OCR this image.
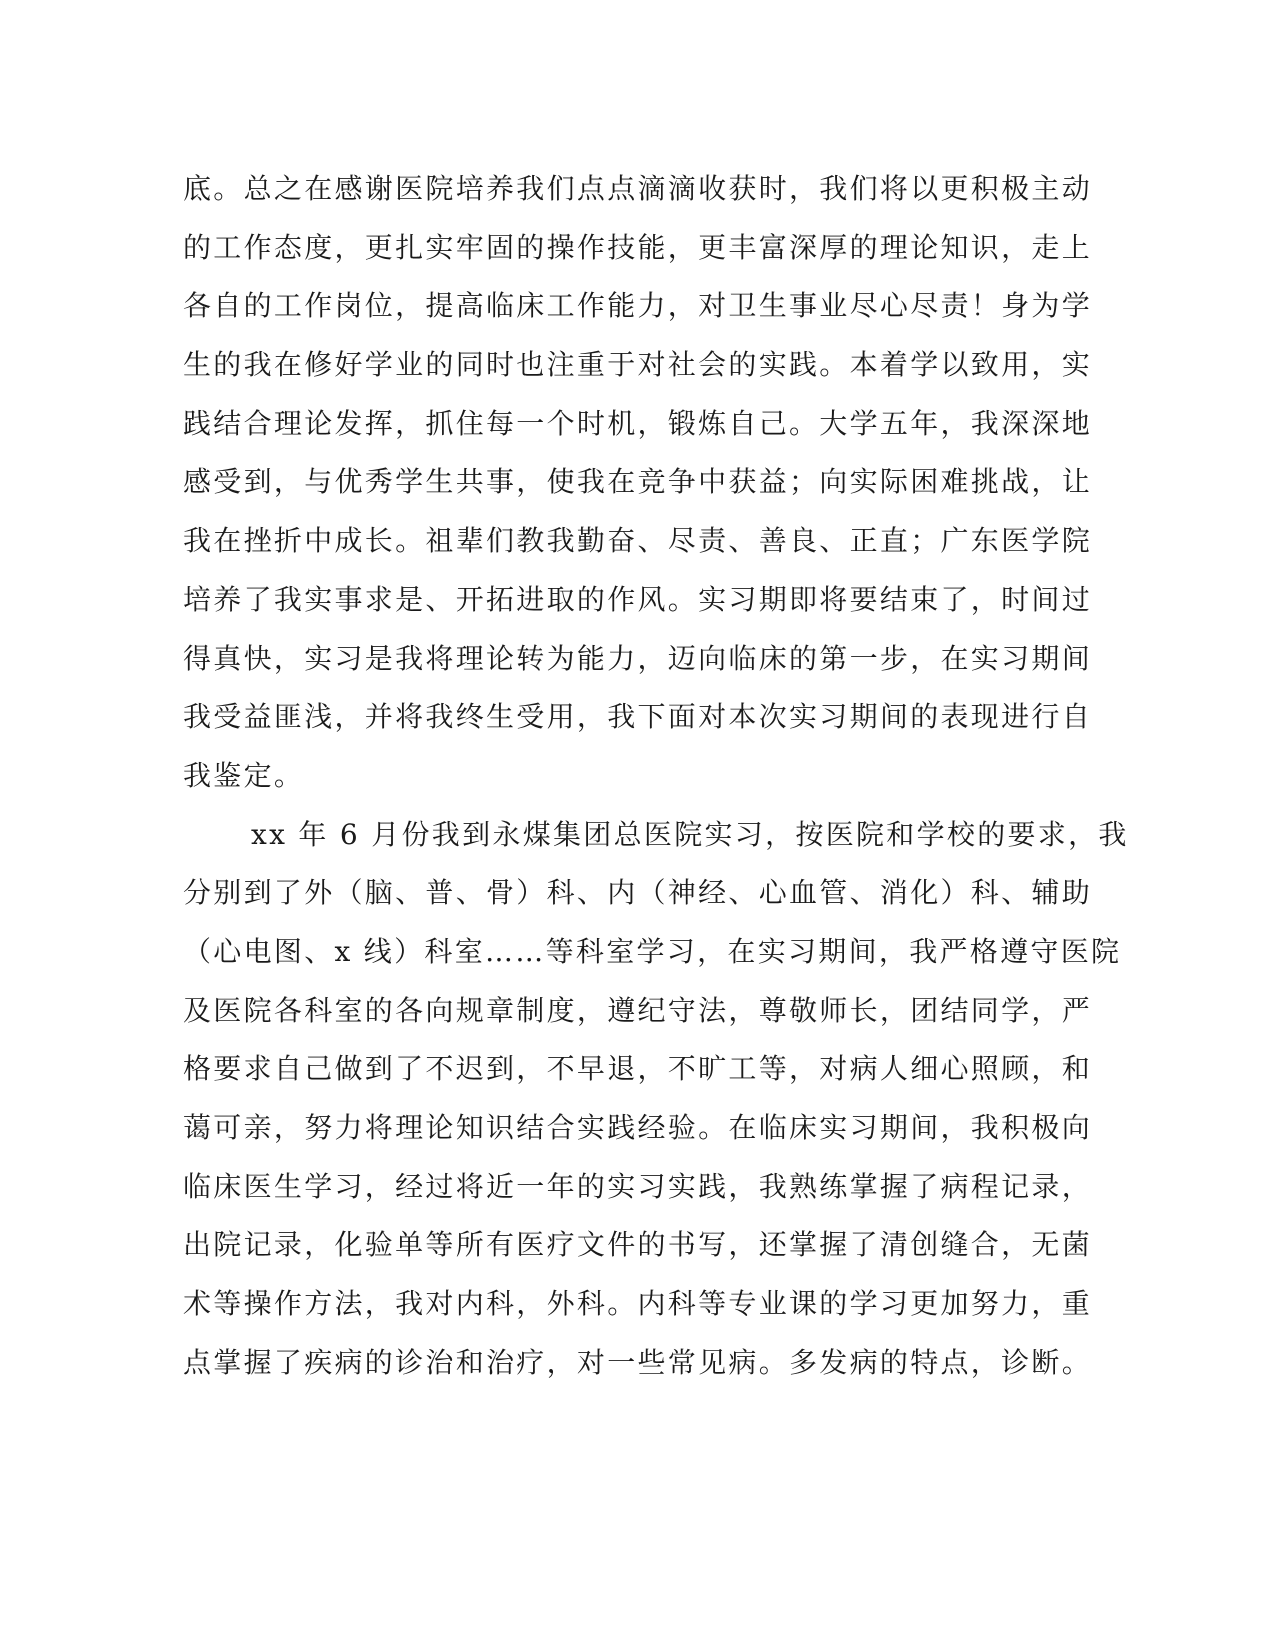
底。总之在感谢医院培养我们点点滴滴收获时，我们将以更积极主动
的工作态度，更扎实牢固的操作技能，更丰富深厚的理论知识，走上
各自的工作岗位，提高临床工作能力，对卫生事业尽心尽责！身为学
生的我在修好学业的同时也注重于对社会的实践。本着学以致用，实
践结合理论发挥，抓住每一个时机，锻炼自己。大学五年，我深深地
感受到，与优秀学生共事，使我在竞争中获益；向实际困难挑战，让
我在挫折中成长。祖辈们教我勤奋、尽责、善良、正直；广东医学院
培养了我实事求是、开拓进取的作风。实习期即将要结束了，时间过
得真快，实习是我将理论转为能力，迈向临床的第一步，在实习期间
我受益匪浅，并将我终生受用，我下面对本次实习期间的表现进行自
我鉴定。
xx 年 6 月份我到永煤集团总医院实习，按医院和学校的要求，我
分别到了外（脑、普、骨）科、内（神经、心血管、消化）科、辅助
（心电图、x 线）科室……等科室学习，在实习期间，我严格遵守医院
及医院各科室的各向规章制度，遵纪守法，尊敬师长，团结同学，严
格要求自己做到了不迟到，不早退，不旷工等，对病人细心照顾，和
蔼可亲，努力将理论知识结合实践经验。在临床实习期间，我积极向
临床医生学习，经过将近一年的实习实践，我熟练掌握了病程记录，
出院记录，化验单等所有医疗文件的书写，还掌握了清创缝合，无菌
术等操作方法，我对内科，外科。内科等专业课的学习更加努力，重
点掌握了疾病的诊治和治疗，对一些常见病。多发病的特点，诊断。
